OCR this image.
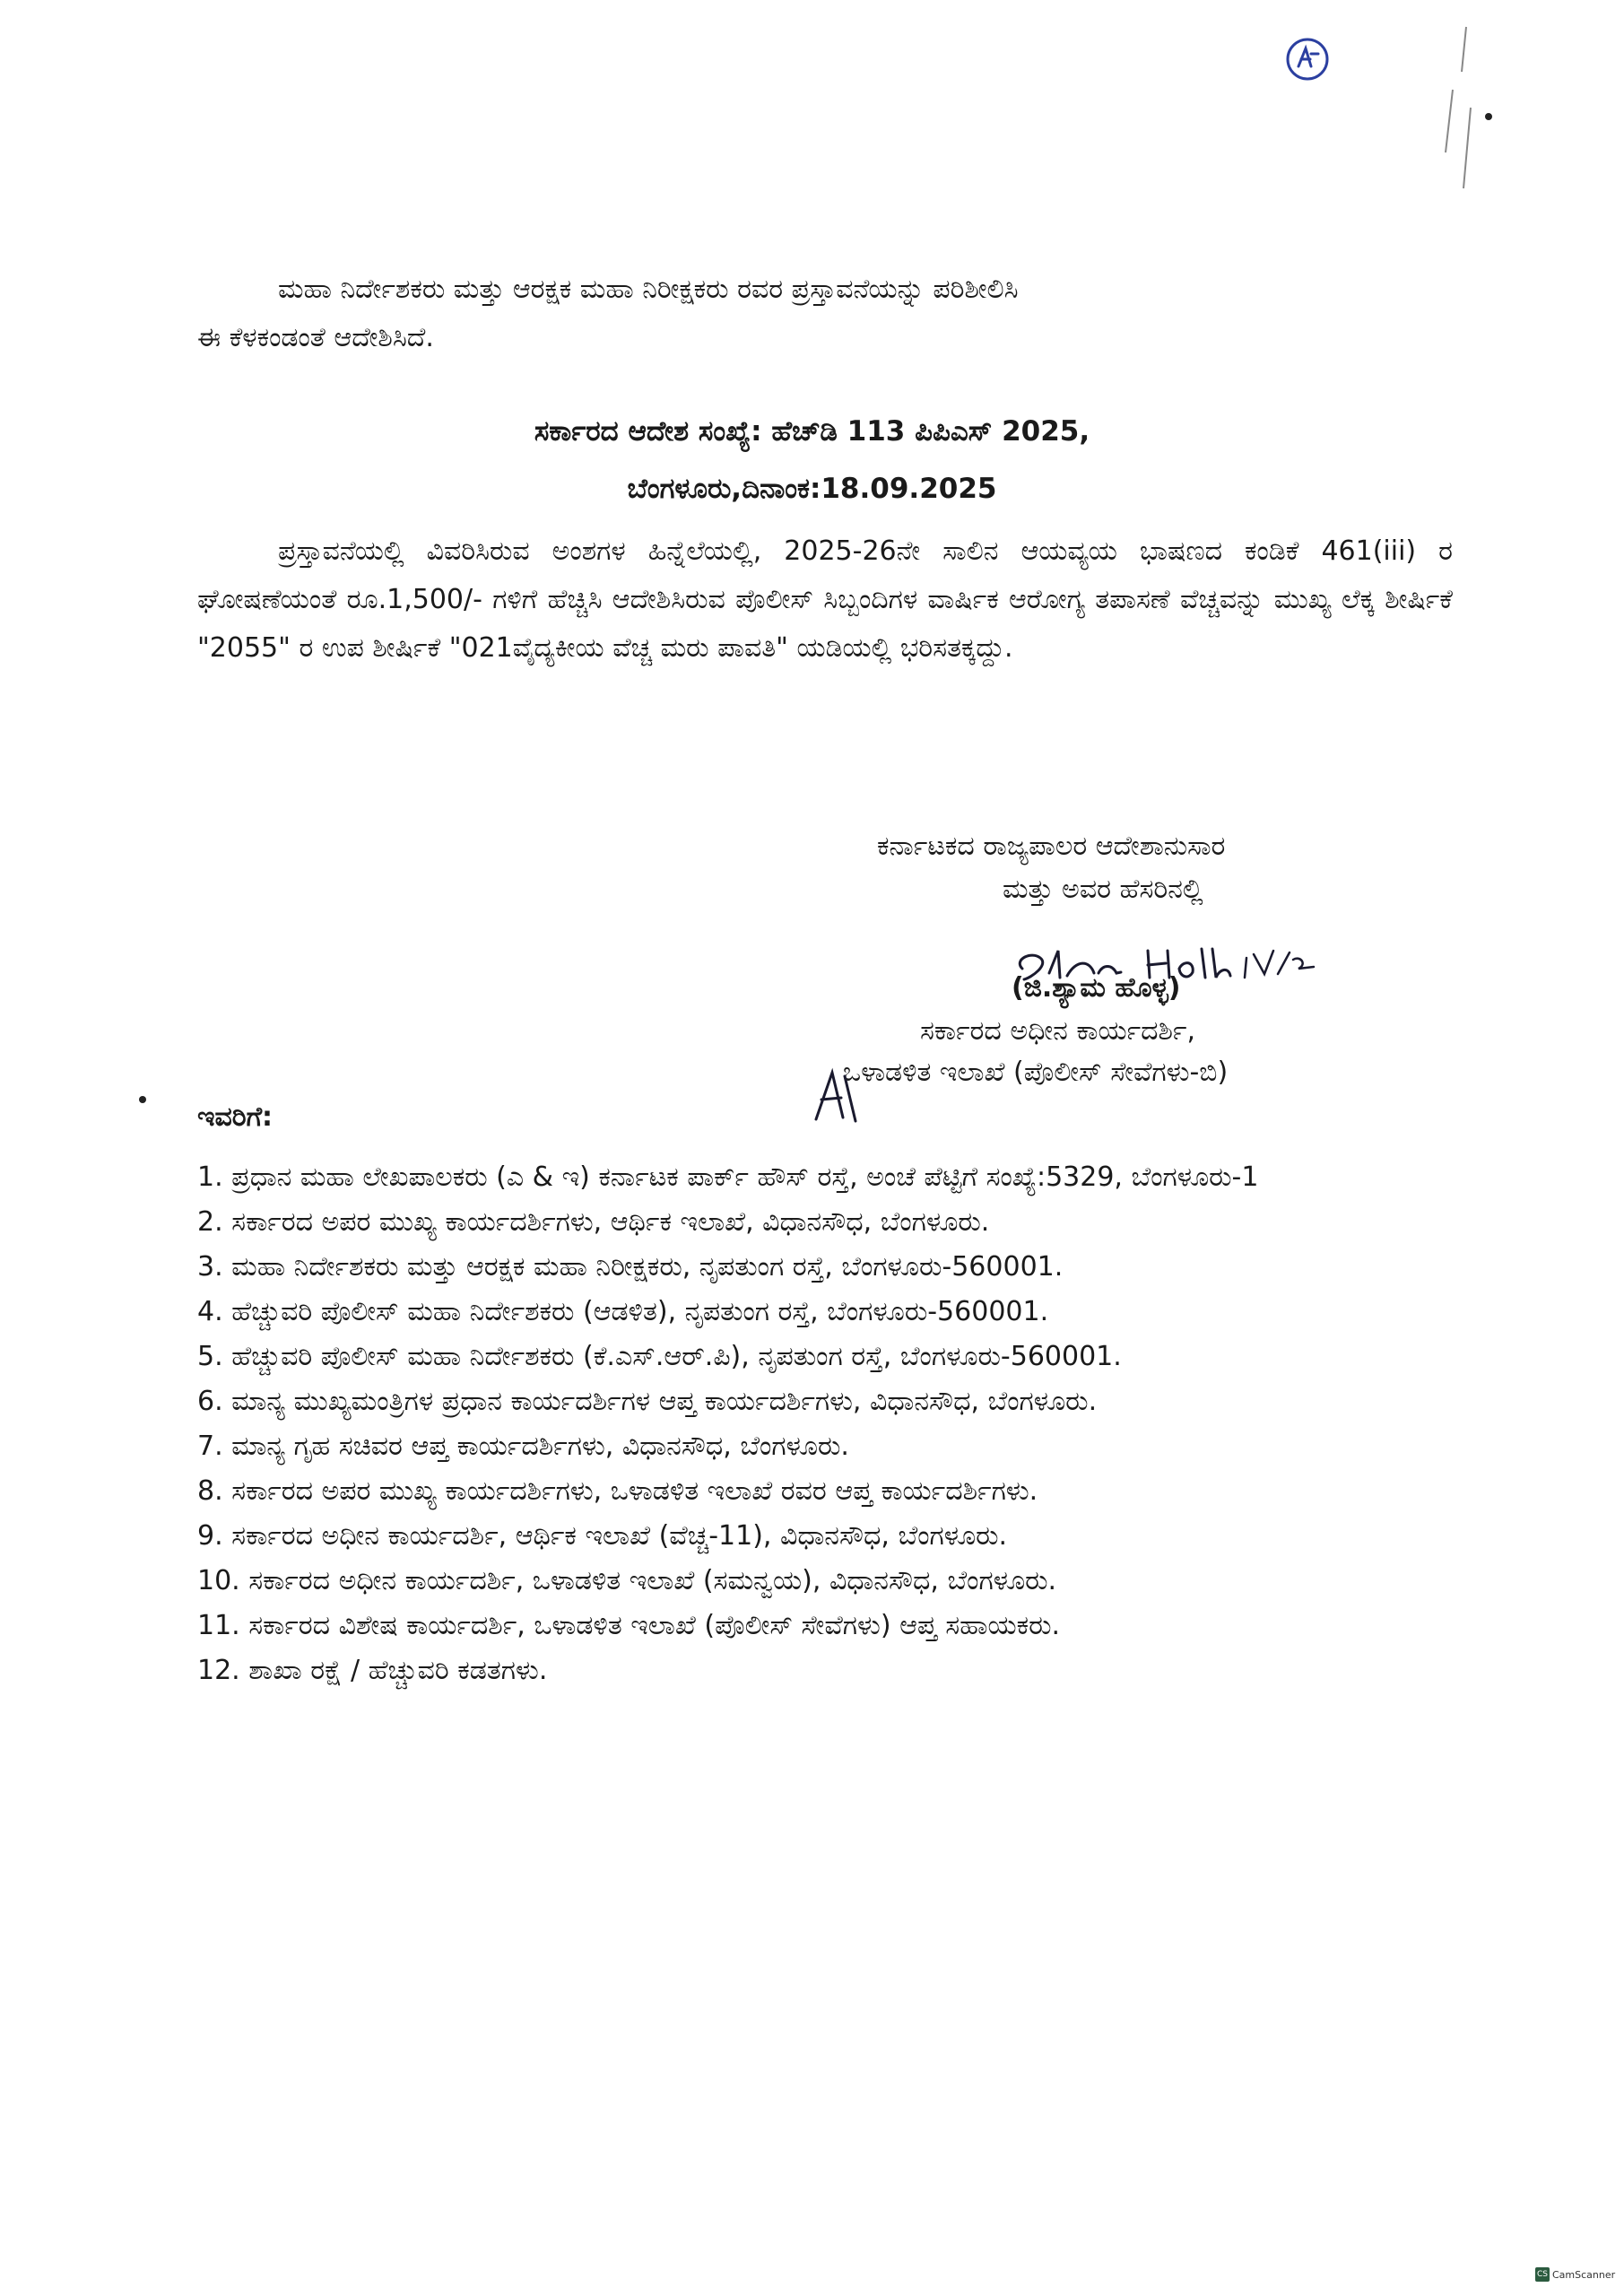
ಮಹಾ ನಿರ್ದೇಶಕರು ಮತ್ತು ಆರಕ್ಷಕ ಮಹಾ ನಿರೀಕ್ಷಕರು ರವರ ಪ್ರಸ್ತಾವನೆಯನ್ನು ಪರಿಶೀಲಿಸಿ
ಈ ಕೆಳಕಂಡಂತೆ ಆದೇಶಿಸಿದೆ.

ಸರ್ಕಾರದ ಆದೇಶ ಸಂಖ್ಯೆ: ಹೆಚ್‌ಡಿ 113 ಪಿಪಿಎಸ್ 2025,

ಬೆಂಗಳೂರು,ದಿನಾಂಕ:18.09.2025

ಪ್ರಸ್ತಾವನೆಯಲ್ಲಿ ವಿವರಿಸಿರುವ ಅಂಶಗಳ ಹಿನ್ನೆಲೆಯಲ್ಲಿ, 2025-26ನೇ ಸಾಲಿನ ಆಯವ್ಯಯ ಭಾಷಣದ ಕಂಡಿಕೆ 461(iii) ರ ಘೋಷಣೆಯಂತೆ ರೂ.1,500/- ಗಳಿಗೆ ಹೆಚ್ಚಿಸಿ ಆದೇಶಿಸಿರುವ ಪೊಲೀಸ್ ಸಿಬ್ಬಂದಿಗಳ ವಾರ್ಷಿಕ ಆರೋಗ್ಯ ತಪಾಸಣೆ ವೆಚ್ಚವನ್ನು ಮುಖ್ಯ ಲೆಕ್ಕ ಶೀರ್ಷಿಕೆ "2055" ರ ಉಪ ಶೀರ್ಷಿಕೆ "021ವೈದ್ಯಕೀಯ ವೆಚ್ಚ ಮರು ಪಾವತಿ" ಯಡಿಯಲ್ಲಿ ಭರಿಸತಕ್ಕದ್ದು.

ಕರ್ನಾಟಕದ ರಾಜ್ಯಪಾಲರ ಆದೇಶಾನುಸಾರ

ಮತ್ತು ಅವರ ಹೆಸರಿನಲ್ಲಿ

(ಜಿ.ಶ್ಯಾಮ ಹೊಳ್ಳ)

ಸರ್ಕಾರದ ಅಧೀನ ಕಾರ್ಯದರ್ಶಿ,

ಒಳಾಡಳಿತ ಇಲಾಖೆ (ಪೊಲೀಸ್ ಸೇವೆಗಳು-ಬಿ)

ಇವರಿಗೆ:

1. ಪ್ರಧಾನ ಮಹಾ ಲೇಖಪಾಲಕರು (ಎ & ಇ) ಕರ್ನಾಟಕ ಪಾರ್ಕ್ ಹೌಸ್ ರಸ್ತೆ, ಅಂಚೆ ಪೆಟ್ಟಿಗೆ ಸಂಖ್ಯೆ:5329, ಬೆಂಗಳೂರು-1
2. ಸರ್ಕಾರದ ಅಪರ ಮುಖ್ಯ ಕಾರ್ಯದರ್ಶಿಗಳು, ಆರ್ಥಿಕ ಇಲಾಖೆ, ವಿಧಾನಸೌಧ, ಬೆಂಗಳೂರು.
3. ಮಹಾ ನಿರ್ದೇಶಕರು ಮತ್ತು ಆರಕ್ಷಕ ಮಹಾ ನಿರೀಕ್ಷಕರು, ನೃಪತುಂಗ ರಸ್ತೆ, ಬೆಂಗಳೂರು-560001.
4. ಹೆಚ್ಚುವರಿ ಪೊಲೀಸ್ ಮಹಾ ನಿರ್ದೇಶಕರು (ಆಡಳಿತ), ನೃಪತುಂಗ ರಸ್ತೆ, ಬೆಂಗಳೂರು-560001.
5. ಹೆಚ್ಚುವರಿ ಪೊಲೀಸ್ ಮಹಾ ನಿರ್ದೇಶಕರು (ಕೆ.ಎಸ್.ಆರ್.ಪಿ), ನೃಪತುಂಗ ರಸ್ತೆ, ಬೆಂಗಳೂರು-560001.
6. ಮಾನ್ಯ ಮುಖ್ಯಮಂತ್ರಿಗಳ ಪ್ರಧಾನ ಕಾರ್ಯದರ್ಶಿಗಳ ಆಪ್ತ ಕಾರ್ಯದರ್ಶಿಗಳು, ವಿಧಾನಸೌಧ, ಬೆಂಗಳೂರು.
7. ಮಾನ್ಯ ಗೃಹ ಸಚಿವರ ಆಪ್ತ ಕಾರ್ಯದರ್ಶಿಗಳು, ವಿಧಾನಸೌಧ, ಬೆಂಗಳೂರು.
8. ಸರ್ಕಾರದ ಅಪರ ಮುಖ್ಯ ಕಾರ್ಯದರ್ಶಿಗಳು, ಒಳಾಡಳಿತ ಇಲಾಖೆ ರವರ ಆಪ್ತ ಕಾರ್ಯದರ್ಶಿಗಳು.
9. ಸರ್ಕಾರದ ಅಧೀನ ಕಾರ್ಯದರ್ಶಿ, ಆರ್ಥಿಕ ಇಲಾಖೆ (ವೆಚ್ಚ-11), ವಿಧಾನಸೌಧ, ಬೆಂಗಳೂರು.
10. ಸರ್ಕಾರದ ಅಧೀನ ಕಾರ್ಯದರ್ಶಿ, ಒಳಾಡಳಿತ ಇಲಾಖೆ (ಸಮನ್ವಯ), ವಿಧಾನಸೌಧ, ಬೆಂಗಳೂರು.
11. ಸರ್ಕಾರದ ವಿಶೇಷ ಕಾರ್ಯದರ್ಶಿ, ಒಳಾಡಳಿತ ಇಲಾಖೆ (ಪೊಲೀಸ್ ಸೇವೆಗಳು) ಆಪ್ತ ಸಹಾಯಕರು.
12. ಶಾಖಾ ರಕ್ಷೆ / ಹೆಚ್ಚುವರಿ ಕಡತಗಳು.
CS CamScanner
